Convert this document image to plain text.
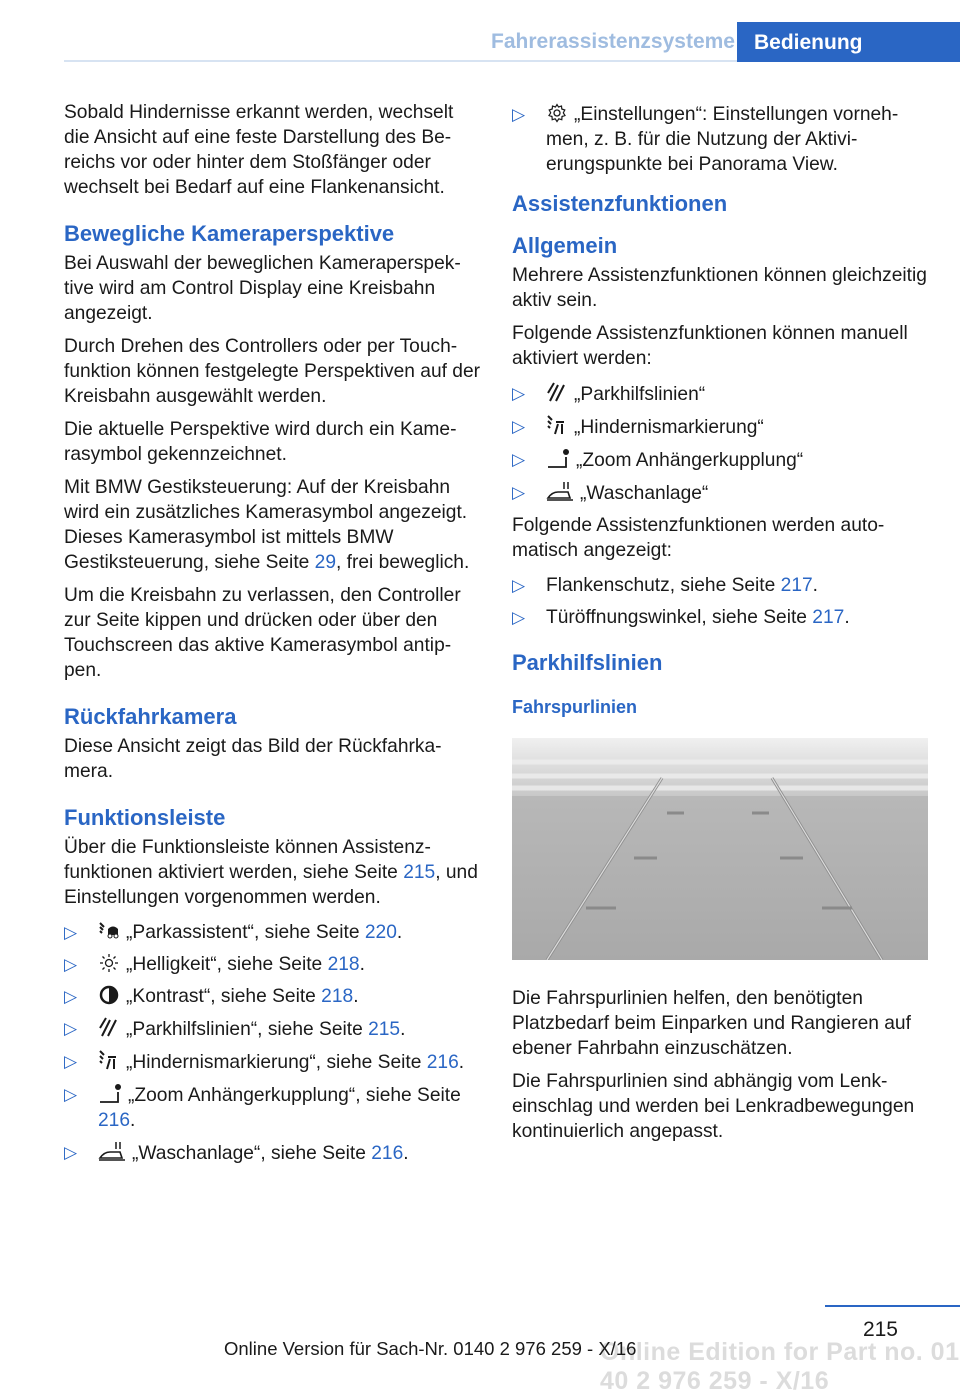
Fahrerassistenzsysteme Bedienung

Sobald Hindernisse erkannt werden, wechselt die Ansicht auf eine feste Darstellung des Bereichs vor oder hinter dem Stoßfänger oder wechselt bei Bedarf auf eine Flankenansicht.

Bewegliche Kameraperspektive

Bei Auswahl der beweglichen Kameraperspektive wird am Control Display eine Kreisbahn angezeigt.

Durch Drehen des Controllers oder per Touchfunktion können festgelegte Perspektiven auf der Kreisbahn ausgewählt werden.

Die aktuelle Perspektive wird durch ein Kamerasymbol gekennzeichnet.

Mit BMW Gestiksteuerung: Auf der Kreisbahn wird ein zusätzliches Kamerasymbol angezeigt. Dieses Kamerasymbol ist mittels BMW Gestiksteuerung, siehe Seite 29, frei beweglich.

Um die Kreisbahn zu verlassen, den Controller zur Seite kippen und drücken oder über den Touchscreen das aktive Kamerasymbol antippen.

Rückfahrkamera

Diese Ansicht zeigt das Bild der Rückfahrkamera.

Funktionsleiste

Über die Funktionsleiste können Assistenzfunktionen aktiviert werden, siehe Seite 215, und Einstellungen vorgenommen werden.

▷	„Parkassistent“, siehe Seite 220.
▷	„Helligkeit“, siehe Seite 218.
▷	„Kontrast“, siehe Seite 218.
▷	„Parkhilfslinien“, siehe Seite 215.
▷	„Hindernismarkierung“, siehe Seite 216.
▷	„Zoom Anhängerkupplung“, siehe Seite 216.
▷	„Waschanlage“, siehe Seite 216.
▷	„Einstellungen“: Einstellungen vornehmen, z. B. für die Nutzung der Aktivierungspunkte bei Panorama View.
Assistenzfunktionen
Allgemein

Mehrere Assistenzfunktionen können gleichzeitig aktiv sein.

Folgende Assistenzfunktionen können manuell aktiviert werden:

▷	„Parkhilfslinien“
▷	„Hindernismarkierung“
▷	„Zoom Anhängerkupplung“
▷	„Waschanlage“

Folgende Assistenzfunktionen werden automatisch angezeigt:

▷ Flankenschutz, siehe Seite 217.
▷ Türöffnungswinkel, siehe Seite 217.
Parkhilfslinien
Fahrspurlinien

Die Fahrspurlinien helfen, den benötigten Platzbedarf beim Einparken und Rangieren auf ebener Fahrbahn einzuschätzen.

Die Fahrspurlinien sind abhängig vom Lenkeinschlag und werden bei Lenkradbewegungen kontinuierlich angepasst.

215
Online Edition for Part no. 01 40 2 976 259 - X/16
Online Version für Sach-Nr. 0140 2 976 259 - X/16
